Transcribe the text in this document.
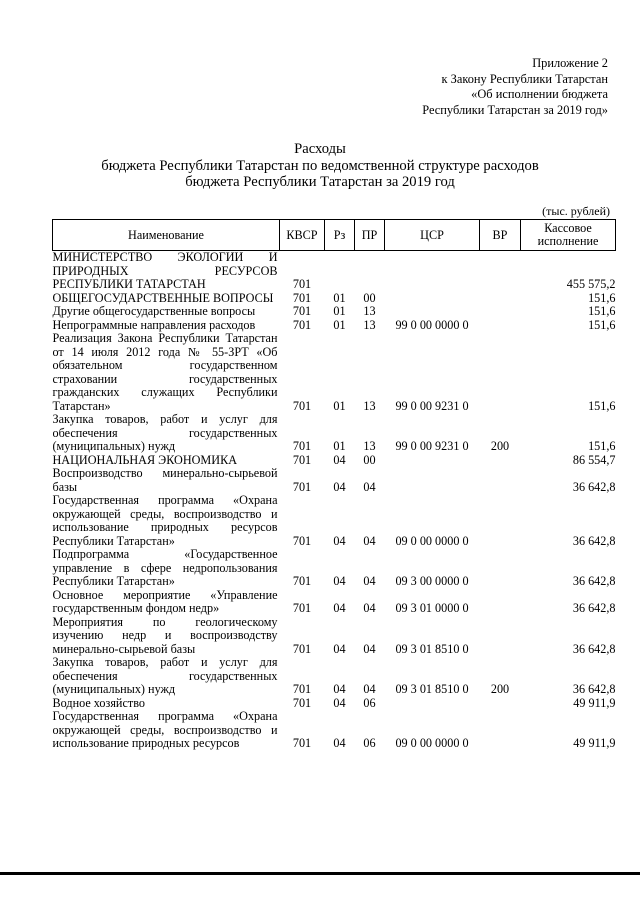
Приложение 2
к Закону Республики Татарстан
«Об исполнении бюджета
Республики Татарстан за 2019 год»
Расходы
бюджета Республики Татарстан по ведомственной структуре расходов
бюджета Республики Татарстан за 2019 год
(тыс. рублей)
Наименование	КВСР	Рз	ПР	ЦСР	ВР	Кассовое исполнение
МИНИСТЕРСТВО ЭКОЛОГИИ И ПРИРОДНЫХ РЕСУРСОВ РЕСПУБЛИКИ ТАТАРСТАН	701					455 575,2
ОБЩЕГОСУДАРСТВЕННЫЕ ВОПРОСЫ	701	01	00			151,6
Другие общегосударственные вопросы	701	01	13			151,6
Непрограммные направления расходов	701	01	13	99 0 00 0000 0		151,6
Реализация Закона Республики Татарстан от 14 июля 2012 года № 55-ЗРТ «Об обязательном государственном страховании государственных гражданских служащих Республики Татарстан»	701	01	13	99 0 00 9231 0		151,6
Закупка товаров, работ и услуг для обеспечения государственных (муниципальных) нужд	701	01	13	99 0 00 9231 0	200	151,6
НАЦИОНАЛЬНАЯ ЭКОНОМИКА	701	04	00			86 554,7
Воспроизводство минерально-сырьевой базы	701	04	04			36 642,8
Государственная программа «Охрана окружающей среды, воспроизводство и использование природных ресурсов Республики Татарстан»	701	04	04	09 0 00 0000 0		36 642,8
Подпрограмма «Государственное управление в сфере недропользования Республики Татарстан»	701	04	04	09 3 00 0000 0		36 642,8
Основное мероприятие «Управление государственным фондом недр»	701	04	04	09 3 01 0000 0		36 642,8
Мероприятия по геологическому изучению недр и воспроизводству минерально-сырьевой базы	701	04	04	09 3 01 8510 0		36 642,8
Закупка товаров, работ и услуг для обеспечения государственных (муниципальных) нужд	701	04	04	09 3 01 8510 0	200	36 642,8
Водное хозяйство	701	04	06			49 911,9
Государственная программа «Охрана окружающей среды, воспроизводство и использование природных ресурсов	701	04	06	09 0 00 0000 0		49 911,9
